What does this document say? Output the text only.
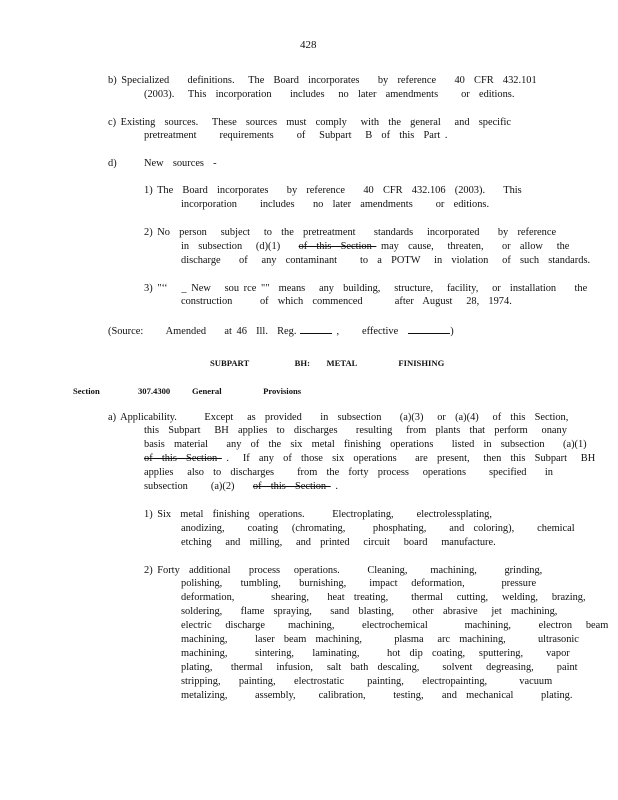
428
b) Specialized    definitions.   The  Board  incorporates    by  reference    40  CFR  432.101
(2003).   This  incorporation    includes   no  later  amendments     or  editions.
c) Existing  sources.   These  sources  must  comply   with  the  general   and  specific
pretreatment     requirements     of   Subpart   B  of  this  Part .
d)	New  sources  -
1) The  Board  incorporates    by  reference    40  CFR  432.106  (2003).    This
incorporation     includes    no  later  amendments     or  editions.
2) No  person   subject   to  the  pretreatment    standards   incorporated    by  reference
in  subsection   (d)(1)    of  this  Section  may  cause,   threaten,    or  allow   the
discharge    of   any  contaminant     to  a  POTW   in  violation   of  such  standards.
3) "‘‘   _ New   sou rce ""  means   any  building,   structure,   facility,   or  installation    the
construction      of  which  commenced       after  August   28,  1974.
(Source:     Amended    at 46  Ill.  Reg.	,     effective	)
SUBPART           BH:    METAL          FINISHING
Section	307.4300	General          Provisions
a) Applicability.      Except   as  provided    in  subsection    (a)(3)   or  (a)(4)   of  this  Section,
this  Subpart   BH  applies  to  discharges    resulting   from  plants  that  perform   onany
basis  material    any  of  the  six  metal  finishing  operations    listed  in  subsection    (a)(1)
of  this  Section  .   If  any  of  those  six  operations    are  present,   then  this  Subpart   BH
applies   also  to  discharges     from  the  forty  process   operations     specified    in
subsection     (a)(2)    of  this  Section  .
1) Six  metal  finishing  operations.      Electroplating,     electrolessplating,
anodizing,     coating   (chromating,      phosphating,     and  coloring),     chemical
etching   and  milling,   and  printed   circuit   board   manufacture.
2) Forty  additional    process   operations.      Cleaning,     machining,      grinding,
polishing,    tumbling,    burnishing,     impact   deformation,        pressure
deformation,        shearing,    heat  treating,     thermal   cutting,   welding,   brazing,
soldering,    flame  spraying,    sand  blasting,    other  abrasive   jet  machining,
electric   discharge     machining,      electrochemical        machining,      electron   beam
machining,      laser  beam  machining,       plasma   arc  machining,       ultrasonic
machining,      sintering,    laminating,      hot  dip  coating,   sputtering,     vapor
plating,    thermal   infusion,   salt  bath  descaling,     solvent   degreasing,     paint
stripping,    painting,    electrostatic     painting,    electropainting,       vacuum
metalizing,      assembly,     calibration,      testing,    and  mechanical      plating.
